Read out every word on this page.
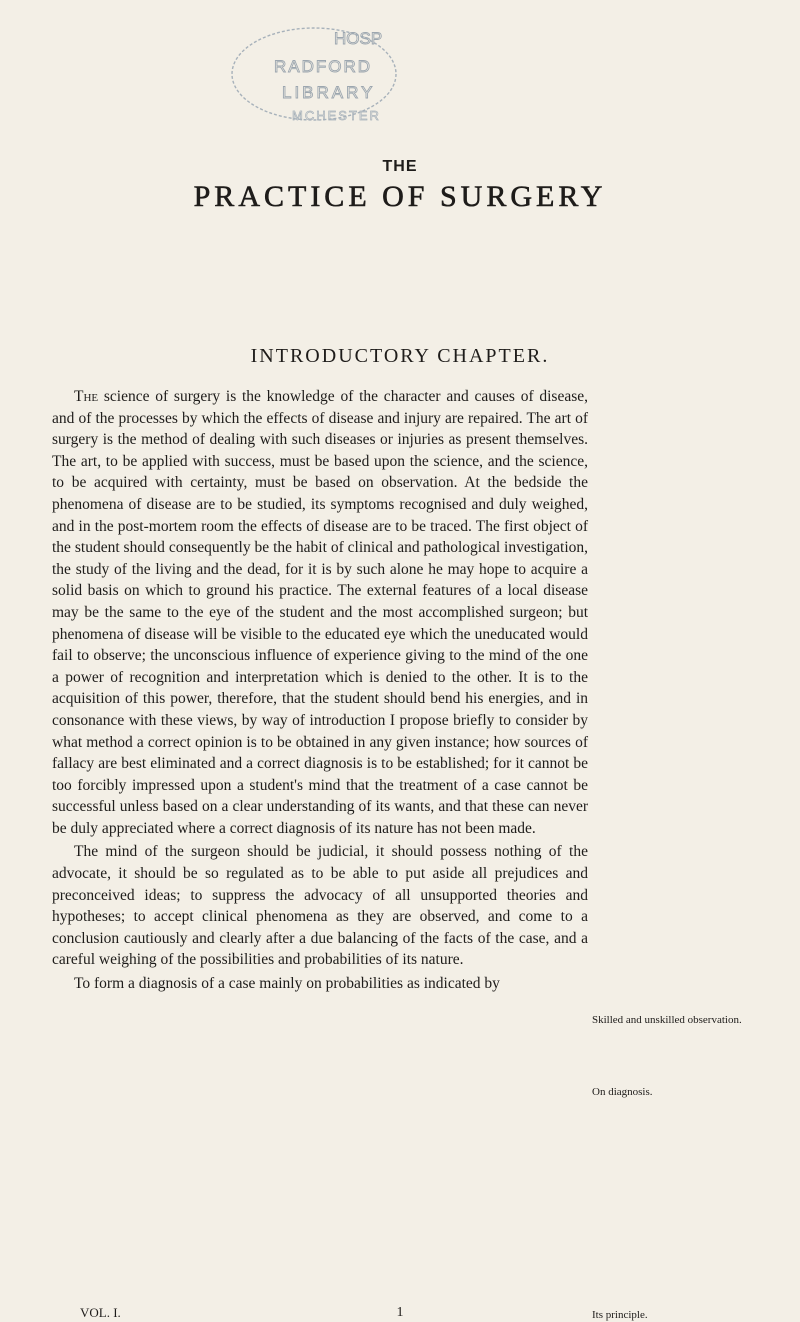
HOSP
RADFORD
LIBRARY
MCHESTER
THE
PRACTICE OF SURGERY
INTRODUCTORY CHAPTER.

The science of surgery is the knowledge of the character and causes of disease, and of the processes by which the effects of disease and injury are repaired. The art of surgery is the method of dealing with such diseases or injuries as present themselves. The art, to be applied with success, must be based upon the science, and the science, to be acquired with certainty, must be based on observation. At the bedside the phenomena of disease are to be studied, its symptoms recognised and duly weighed, and in the post-mortem room the effects of disease are to be traced. The first object of the student should consequently be the habit of clinical and pathological investigation, the study of the living and the dead, for it is by such alone he may hope to acquire a solid basis on which to ground his practice. The external features of a local disease may be the same to the eye of the student and the most accomplished surgeon; but phenomena of disease will be visible to the educated eye which the uneducated would fail to observe; the unconscious influence of experience giving to the mind of the one a power of recognition and interpretation which is denied to the other. It is to the acquisition of this power, therefore, that the student should bend his energies, and in consonance with these views, by way of introduction I propose briefly to consider by what method a correct opinion is to be obtained in any given instance; how sources of fallacy are best eliminated and a correct diagnosis is to be established; for it cannot be too forcibly impressed upon a student's mind that the treatment of a case cannot be successful unless based on a clear understanding of its wants, and that these can never be duly appreciated where a correct diagnosis of its nature has not been made.

The mind of the surgeon should be judicial, it should possess nothing of the advocate, it should be so regulated as to be able to put aside all prejudices and preconceived ideas; to suppress the advocacy of all unsupported theories and hypotheses; to accept clinical phenomena as they are observed, and come to a conclusion cautiously and clearly after a due balancing of the facts of the case, and a careful weighing of the possibilities and probabilities of its nature.

To form a diagnosis of a case mainly on probabilities as indicated by

Skilled and unskilled observation.
On diagnosis.
Its principle.
VOL. I.	1
